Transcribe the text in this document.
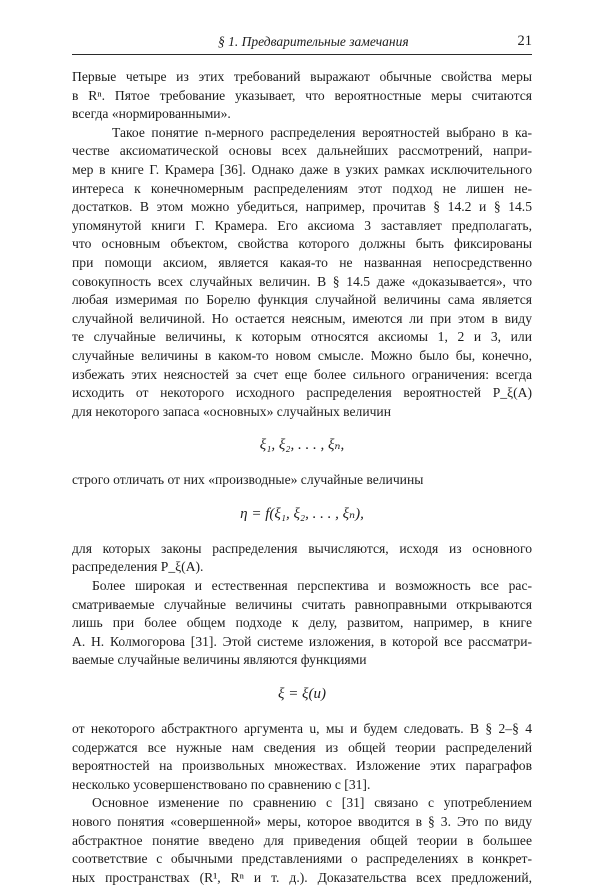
§ 1. Предварительные замечания	21

Первые четыре из этих требований выражают обычные свойства меры
в Rⁿ. Пятое требование указывает, что вероятностные меры считаются
всегда «нормированными».

Такое понятие n-мерного распределения вероятностей выбрано в ка-
честве аксиоматической основы всех дальнейших рассмотрений, напри-
мер в книге Г. Крамера [36]. Однако даже в узких рамках исключительного
интереса к конечномерным распределениям этот подход не лишен не-
достатков. В этом можно убедиться, например, прочитав § 14.2 и § 14.5
упомянутой книги Г. Крамера. Его аксиома 3 заставляет предполагать,
что основным объектом, свойства которого должны быть фиксированы
при помощи аксиом, является какая-то не названная непосредственно
совокупность всех случайных величин. В § 14.5 даже «доказывается», что
любая измеримая по Борелю функция случайной величины сама является
случайной величиной. Но остается неясным, имеются ли при этом в виду
те случайные величины, к которым относятся аксиомы 1, 2 и 3, или
случайные величины в каком-то новом смысле. Можно было бы, конечно,
избежать этих неясностей за счет еще более сильного ограничения: всегда
исходить от некоторого исходного распределения вероятностей P_ξ(A)
для некоторого запаса «основных» случайных величин

ξ₁, ξ₂, . . . , ξₙ,

строго отличать от них «производные» случайные величины

η = f(ξ₁, ξ₂, . . . , ξₙ),

для которых законы распределения вычисляются, исходя из основного
распределения P_ξ(A).

Более широкая и естественная перспектива и возможность все рас-
сматриваемые случайные величины считать равноправными открываются
лишь при более общем подходе к делу, развитом, например, в книге
А. Н. Колмогорова [31]. Этой системе изложения, в которой все рассматри-
ваемые случайные величины являются функциями

ξ = ξ(u)

от некоторого абстрактного аргумента u, мы и будем следовать. В § 2–§ 4
содержатся все нужные нам сведения из общей теории распределений
вероятностей на произвольных множествах. Изложение этих параграфов
несколько усовершенствовано по сравнению с [31].

Основное изменение по сравнению с [31] связано с употреблением
нового понятия «совершенной» меры, которое вводится в § 3. Это по виду
абстрактное понятие введено для приведения общей теории в большее
соответствие с обычными представлениями о распределениях в конкрет-
ных пространствах (R¹, Rⁿ и т. д.). Доказательства всех предложений,
